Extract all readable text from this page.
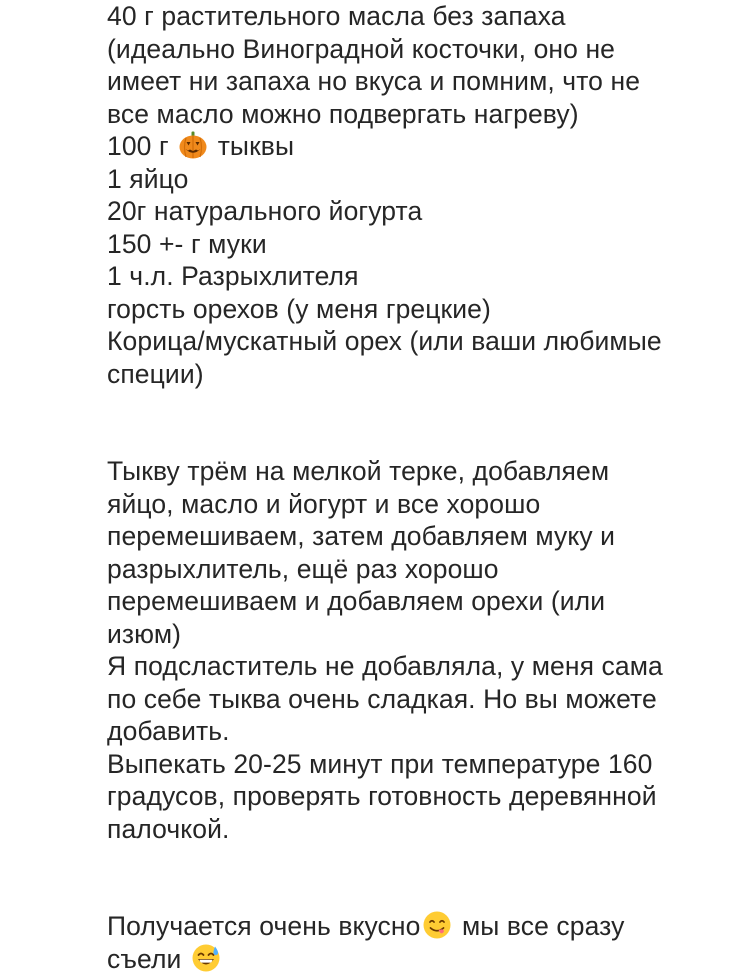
40 г растительного масла без запаха
(идеально Виноградной косточки, оно не
имеет ни запаха но вкуса и помним, что не
все масло можно подвергать нагреву)
100 г тыквы
1 яйцо
20г натурального йогурта
150 +- г муки
1 ч.л. Разрыхлителя
горсть орехов (у меня грецкие)
Корица/мускатный орех (или ваши любимые
специи)
Тыкву трём на мелкой терке, добавляем
яйцо, масло и йогурт и все хорошо
перемешиваем, затем добавляем муку и
разрыхлитель, ещё раз хорошо
перемешиваем и добавляем орехи (или
изюм)
Я подсластитель не добавляла, у меня сама
по себе тыква очень сладкая. Но вы можете
добавить.
Выпекать 20-25 минут при температуре 160
градусов, проверять готовность деревянной
палочкой.
Получается очень вкусно мы все сразу
съели
